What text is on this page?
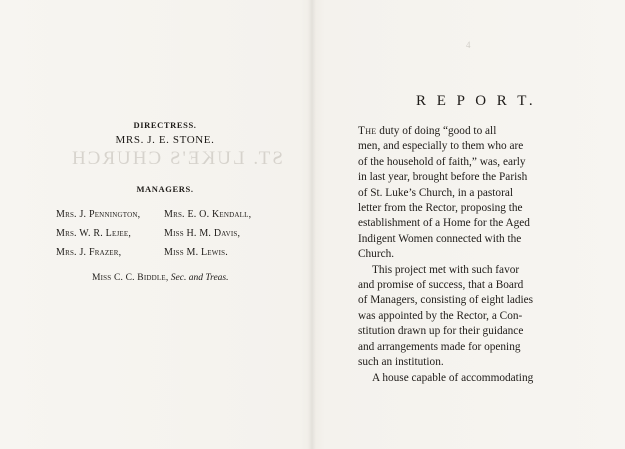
ST. LUKE'S CHURCH
DIRECTRESS.
MRS. J. E. STONE.
MANAGERS.
Mrs. J. Pennington,	Mrs. E. O. Kendall,
Mrs. W. R. Lejee,	Miss H. M. Davis,
Mrs. J. Frazer,	Miss M. Lewis.
Miss C. C. Biddle, Sec. and Treas.
4
R E P O R T.
The duty of doing “good to all
men, and especially to them who are
of the household of faith,” was, early
in last year, brought before the Parish
of St. Luke’s Church, in a pastoral
letter from the Rector, proposing the
establishment of a Home for the Aged
Indigent Women connected with the
Church.
This project met with such favor
and promise of success, that a Board
of Managers, consisting of eight ladies
was appointed by the Rector, a Con-
stitution drawn up for their guidance
and arrangements made for opening
such an institution.
A house capable of accommodating
